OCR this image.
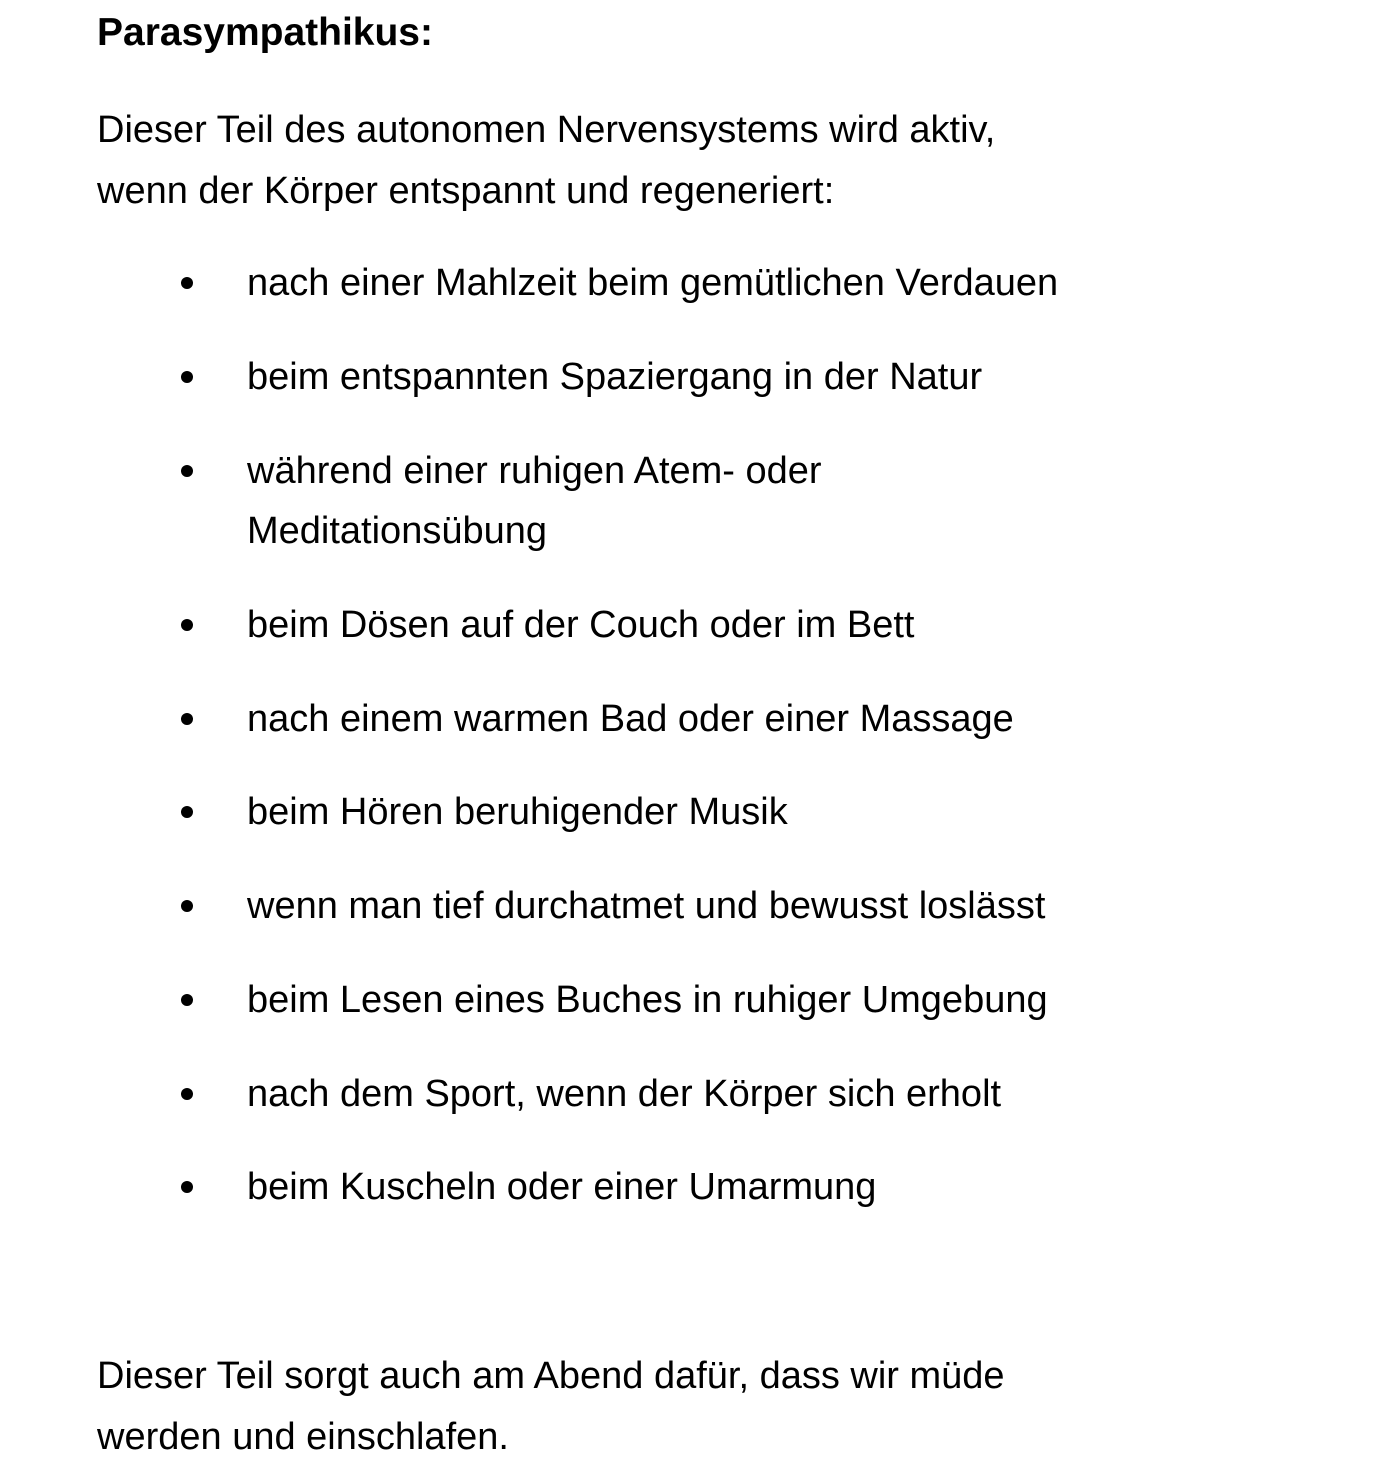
Parasympathikus:

Dieser Teil des autonomen Nervensystems wird aktiv,
wenn der Körper entspannt und regeneriert:

nach einer Mahlzeit beim gemütlichen Verdauen
beim entspannten Spaziergang in der Natur
während einer ruhigen Atem- oder Meditationsübung
beim Dösen auf der Couch oder im Bett
nach einem warmen Bad oder einer Massage
beim Hören beruhigender Musik
wenn man tief durchatmet und bewusst loslässt
beim Lesen eines Buches in ruhiger Umgebung
nach dem Sport, wenn der Körper sich erholt
beim Kuscheln oder einer Umarmung

Dieser Teil sorgt auch am Abend dafür, dass wir müde
werden und einschlafen.
